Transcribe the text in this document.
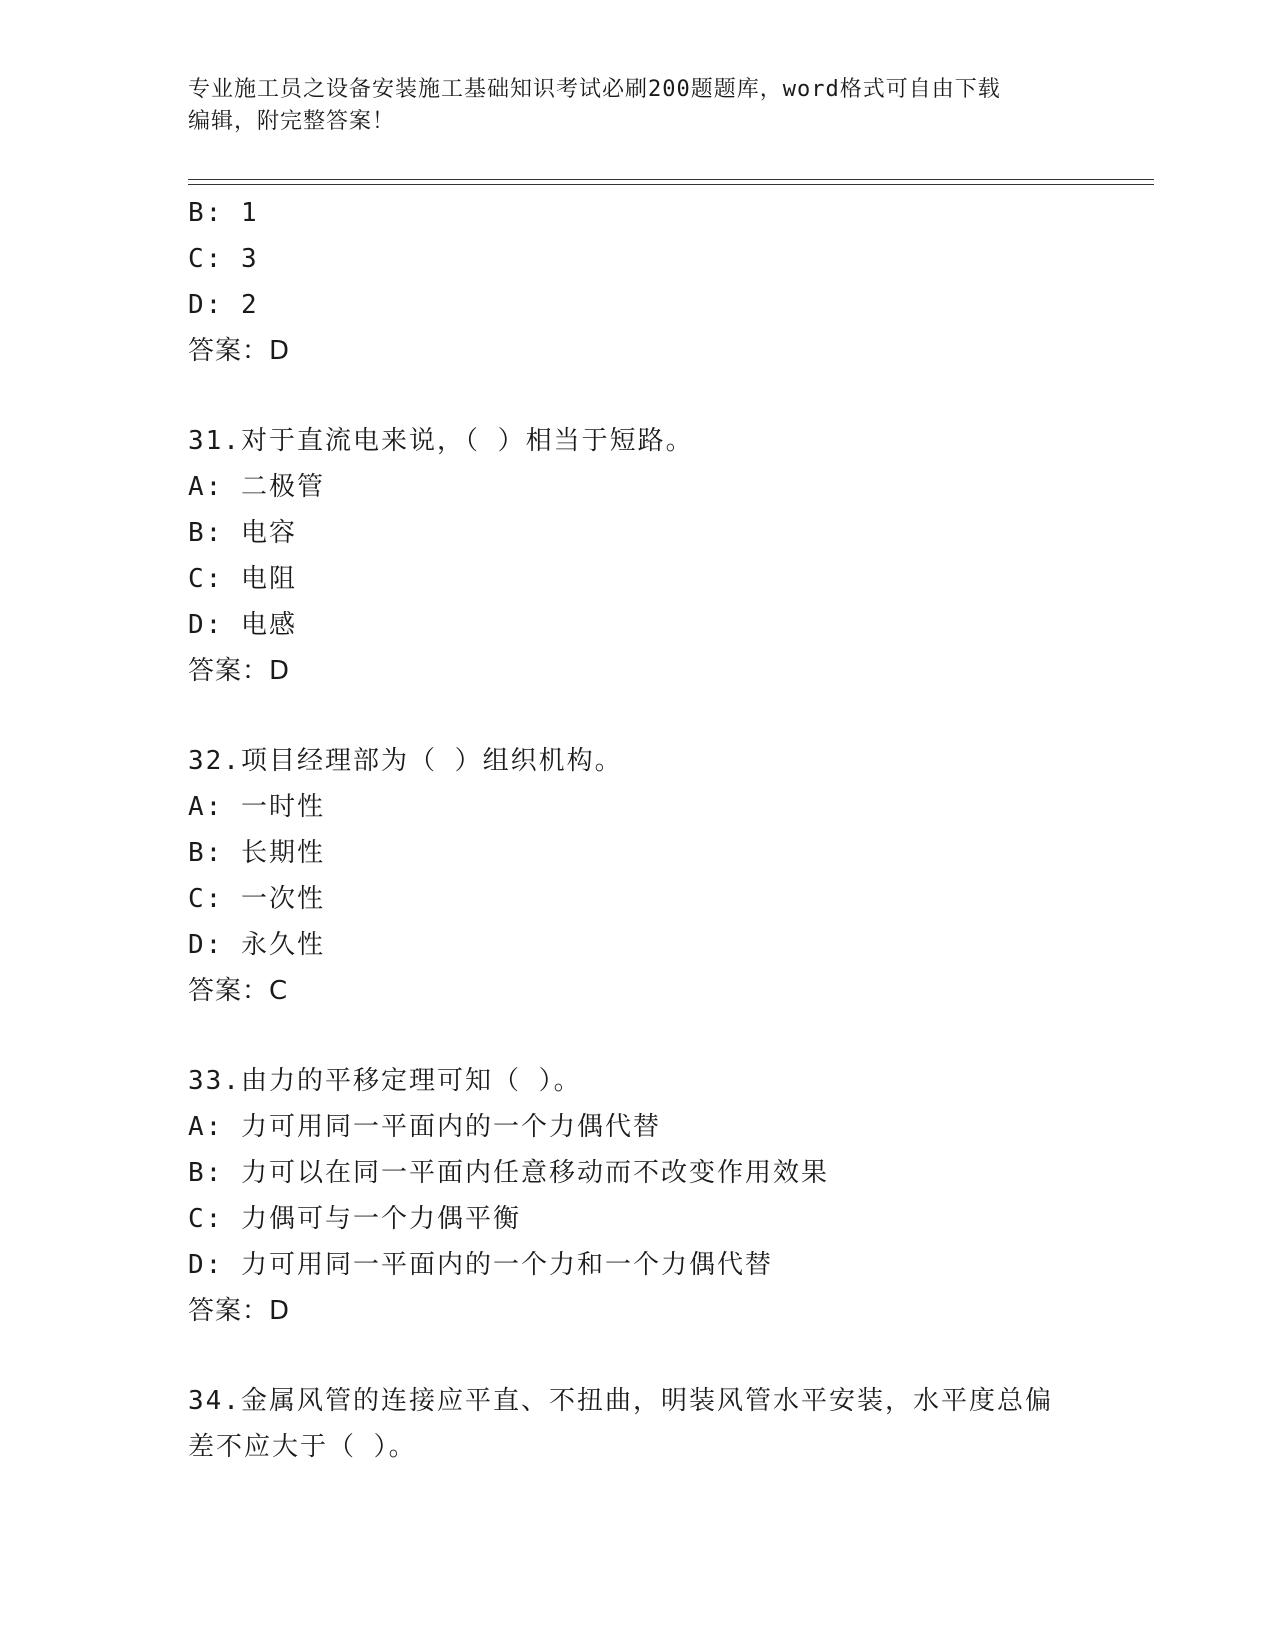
专业施工员之设备安装施工基础知识考试必刷200题题库，word格式可自由下载
编辑，附完整答案！
B: 1
C: 3
D: 2
答案：D
31.对于直流电来说，（ ）相当于短路。
A: 二极管
B: 电容
C: 电阻
D: 电感
答案：D
32.项目经理部为（ ）组织机构。
A: 一时性
B: 长期性
C: 一次性
D: 永久性
答案：C
33.由力的平移定理可知（ ）。
A: 力可用同一平面内的一个力偶代替
B: 力可以在同一平面内任意移动而不改变作用效果
C: 力偶可与一个力偶平衡
D: 力可用同一平面内的一个力和一个力偶代替
答案：D
34.金属风管的连接应平直、不扭曲，明装风管水平安装，水平度总偏
差不应大于（ ）。
